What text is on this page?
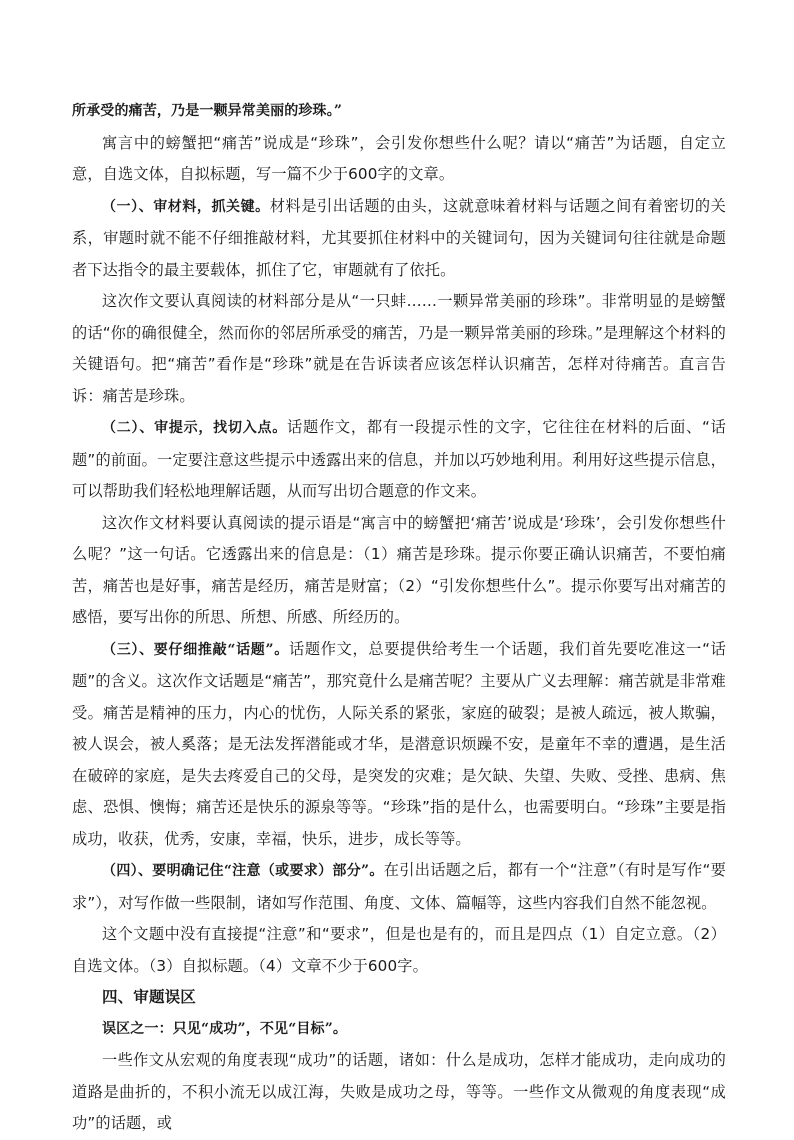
所承受的痛苦，乃是一颗异常美丽的珍珠。”

寓言中的螃蟹把“痛苦”说成是“珍珠”，会引发你想些什么呢？请以“痛苦”为话题，自定立意，自选文体，自拟标题，写一篇不少于600字的文章。

（一）、审材料，抓关键。材料是引出话题的由头，这就意味着材料与话题之间有着密切的关系，审题时就不能不仔细推敲材料，尤其要抓住材料中的关键词句，因为关键词句往往就是命题者下达指令的最主要载体，抓住了它，审题就有了依托。

这次作文要认真阅读的材料部分是从“一只蚌……一颗异常美丽的珍珠”。非常明显的是螃蟹的话“你的确很健全，然而你的邻居所承受的痛苦，乃是一颗异常美丽的珍珠。”是理解这个材料的关键语句。把“痛苦”看作是“珍珠”就是在告诉读者应该怎样认识痛苦，怎样对待痛苦。直言告诉：痛苦是珍珠。

（二）、审提示，找切入点。话题作文，都有一段提示性的文字，它往往在材料的后面、“话题”的前面。一定要注意这些提示中透露出来的信息，并加以巧妙地利用。利用好这些提示信息，可以帮助我们轻松地理解话题，从而写出切合题意的作文来。

这次作文材料要认真阅读的提示语是“寓言中的螃蟹把‘痛苦’说成是‘珍珠’，会引发你想些什么呢？”这一句话。它透露出来的信息是：（1）痛苦是珍珠。提示你要正确认识痛苦，不要怕痛苦，痛苦也是好事，痛苦是经历，痛苦是财富；（2）“引发你想些什么”。提示你要写出对痛苦的感悟，要写出你的所思、所想、所感、所经历的。

（三）、要仔细推敲“话题”。话题作文，总要提供给考生一个话题，我们首先要吃准这一“话题”的含义。这次作文话题是“痛苦”，那究竟什么是痛苦呢？主要从广义去理解：痛苦就是非常难受。痛苦是精神的压力，内心的忧伤，人际关系的紧张，家庭的破裂；是被人疏远，被人欺骗，被人误会，被人奚落；是无法发挥潜能或才华，是潜意识烦躁不安，是童年不幸的遭遇，是生活在破碎的家庭，是失去疼爱自己的父母，是突发的灾难；是欠缺、失望、失败、受挫、患病、焦虑、恐惧、懊悔；痛苦还是快乐的源泉等等。“珍珠”指的是什么，也需要明白。“珍珠”主要是指成功，收获，优秀，安康，幸福，快乐，进步，成长等等。

（四）、要明确记住“注意（或要求）部分”。在引出话题之后，都有一个“注意”（有时是写作“要求”），对写作做一些限制，诸如写作范围、角度、文体、篇幅等，这些内容我们自然不能忽视。

这个文题中没有直接提“注意”和“要求”，但是也是有的，而且是四点（1）自定立意。（2）自选文体。（3）自拟标题。（4）文章不少于600字。

四、审题误区

误区之一：只见“成功”，不见“目标”。

一些作文从宏观的角度表现“成功”的话题，诸如：什么是成功，怎样才能成功，走向成功的道路是曲折的，不积小流无以成江海，失败是成功之母，等等。一些作文从微观的角度表现“成功”的话题，或
